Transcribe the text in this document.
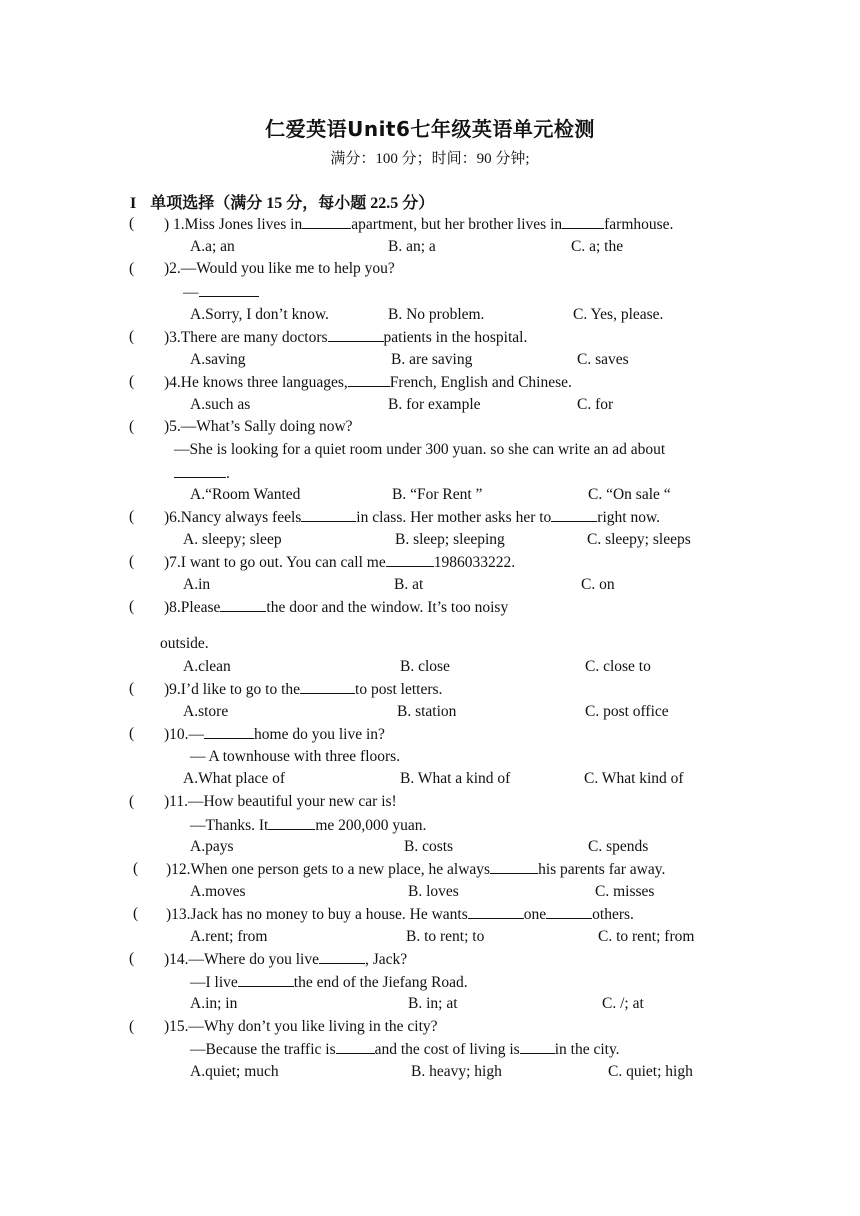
仁爱英语Unit6七年级英语单元检测
满分：100 分；时间：90 分钟;
I 单项选择（满分 15 分，每小题 22.5 分）
( ) 1.Miss Jones lives in	apartment, but her brother lives in	farmhouse.
A.a; an	B. an; a	C. a; the
( )2.—Would you like me to help you?
—
A.Sorry, I don’t know.	B. No problem.	C. Yes, please.
( )3.There are many doctors	patients in the hospital.
A.saving	B. are saving	C. saves
( )4.He knows three languages,	French, English and Chinese.
A.such as	B. for example	C. for
( )5.—What’s Sally doing now?
—She is looking for a quiet room under 300 yuan. so she can write an ad about
.
A.“Room Wanted	B. “For Rent ”	C. “On sale “
( )6.Nancy always feels	in class. Her mother asks her to	right now.
A. sleepy; sleep	B. sleep; sleeping	C. sleepy; sleeps
( )7.I want to go out. You can call me	1986033222.
A.in	B. at	C. on
( )8.Please	the door and the window. It’s too noisy
outside.
A.clean	B. close	C. close to
( )9.I’d like to go to the	to post letters.
A.store	B. station	C. post office
( )10.—	home do you live in?
— A townhouse with three floors.
A.What place of	B. What a kind of	C. What kind of
( )11.—How beautiful your new car is!
—Thanks. It	me 200,000 yuan.
A.pays	B. costs	C. spends
( )12.When one person gets to a new place, he always	his parents far away.
A.moves	B. loves	C. misses
( )13.Jack has no money to buy a house. He wants	one	others.
A.rent; from	B. to rent; to	C. to rent; from
( )14.—Where do you live	, Jack?
—I live	the end of the Jiefang Road.
A.in; in	B. in; at	C. /; at
( )15.—Why don’t you like living in the city?
—Because the traffic is	and the cost of living is in the city.
A.quiet; much	B. heavy; high	C. quiet; high
